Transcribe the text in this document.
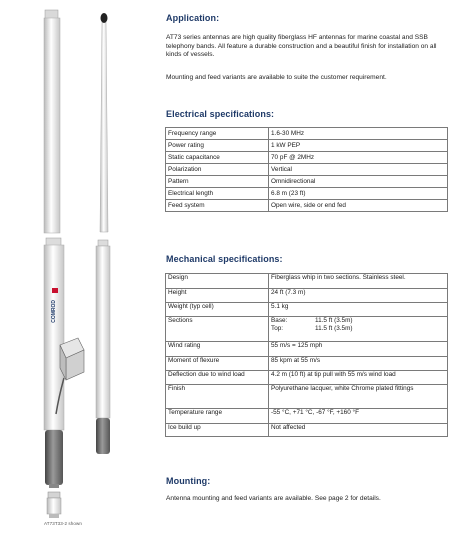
COMROD
AT73T33-2 shown
Application:

AT73 series antennas are high quality fiberglass HF antennas for marine coastal and SSB telephony bands. All feature a durable construction and a beautiful finish for installation on all kinds of vessels.

Mounting and feed variants are available to suite the customer requirement.

Electrical specifications:
Frequency range	1.6-30 MHz
Power rating	1 kW PEP
Static capacitance	70 pF @ 2MHz
Polarization	Vertical
Pattern	Omnidirectional
Electrical length	6.8 m (23 ft)
Feed system	Open wire, side or end fed
Mechanical specifications:
Design	Fiberglass whip in two sections. Stainless steel.
Height	24 ft (7.3 m)
Weight (typ cell)	5.1 kg
Sections	Base: 11.5 ft (3.5m)
Top: 11.5 ft (3.5m)

Wind rating	55 m/s = 125 mph
Moment of flexure	85 kpm at 55 m/s
Deflection due to wind load	4.2 m (10 ft) at tip pull with 55 m/s wind load
Finish	Polyurethane lacquer, white Chrome plated fittings
Temperature range	-55 °C, +71 °C, -67 °F, +160 °F
Ice build up	Not affected
Mounting:

Antenna mounting and feed variants are available. See page 2 for details.
